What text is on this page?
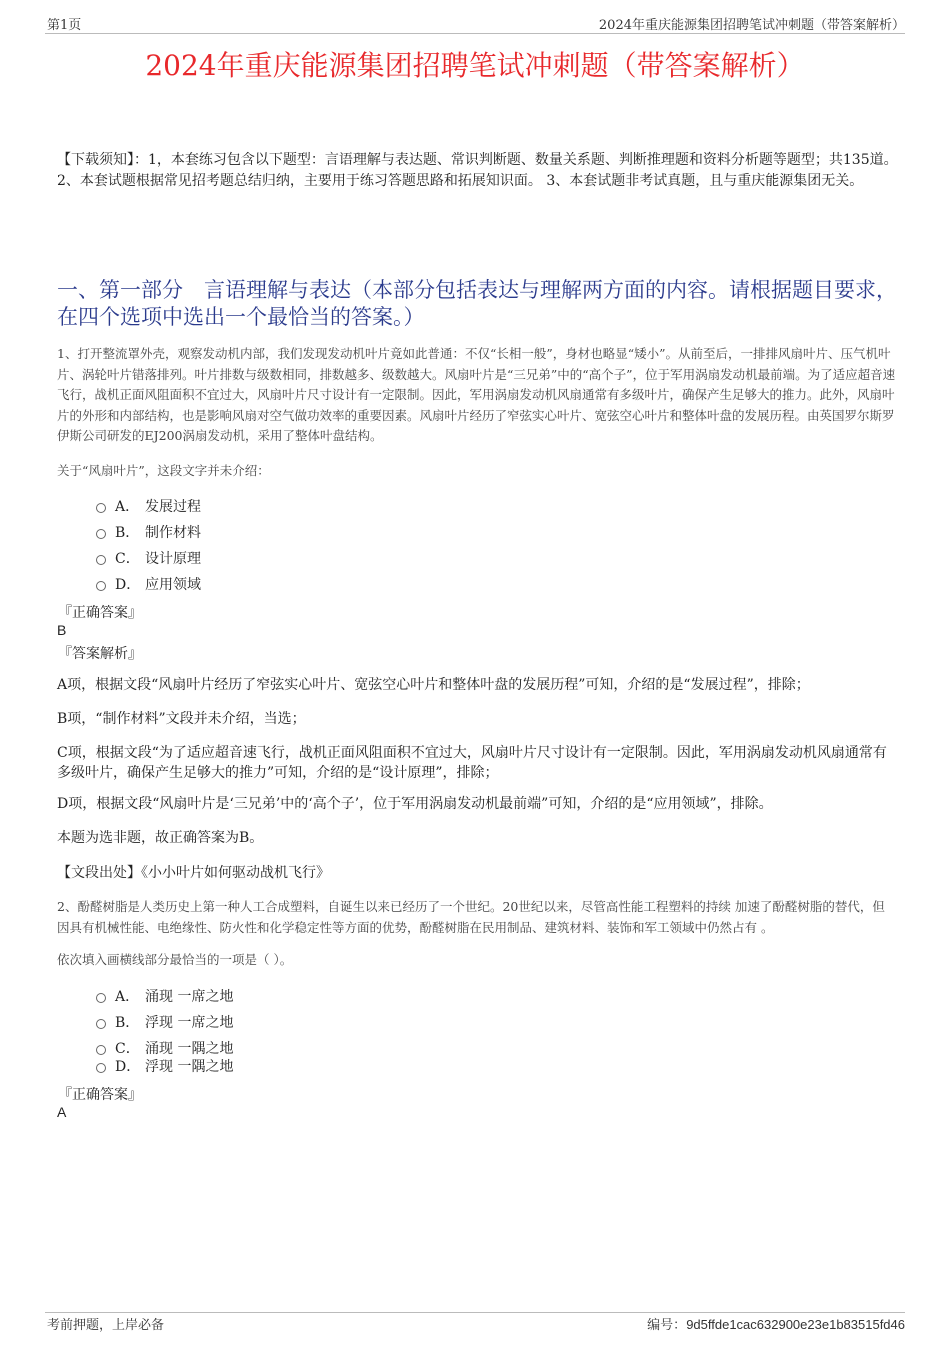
第1页	2024年重庆能源集团招聘笔试冲刺题（带答案解析）
2024年重庆能源集团招聘笔试冲刺题（带答案解析）
【下载须知】：1，本套练习包含以下题型：言语理解与表达题、常识判断题、数量关系题、判断推理题和资料分析题等题型；共135道。 2、本套试题根据常见招考题总结归纳，主要用于练习答题思路和拓展知识面。 3、本套试题非考试真题，且与重庆能源集团无关。
一、第一部分　言语理解与表达（本部分包括表达与理解两方面的内容。请根据题目要求，在四个选项中选出一个最恰当的答案。）
1、打开整流罩外壳，观察发动机内部，我们发现发动机叶片竟如此普通：不仅“长相一般”，身材也略显“矮小”。从前至后，一排排风扇叶片、压气机叶片、涡轮叶片错落排列。叶片排数与级数相同，排数越多、级数越大。风扇叶片是“三兄弟”中的“高个子”，位于军用涡扇发动机最前端。为了适应超音速飞行，战机正面风阻面积不宜过大，风扇叶片尺寸设计有一定限制。因此，军用涡扇发动机风扇通常有多级叶片，确保产生足够大的推力。此外，风扇叶片的外形和内部结构，也是影响风扇对空气做功效率的重要因素。风扇叶片经历了窄弦实心叶片、宽弦空心叶片和整体叶盘的发展历程。由英国罗尔斯罗伊斯公司研发的EJ200涡扇发动机，采用了整体叶盘结构。
关于“风扇叶片”，这段文字并未介绍：
A． 发展过程
B． 制作材料
C． 设计原理
D． 应用领域
『正确答案』
B
『答案解析』
A项，根据文段“风扇叶片经历了窄弦实心叶片、宽弦空心叶片和整体叶盘的发展历程”可知，介绍的是“发展过程”，排除；
B项，“制作材料”文段并未介绍，当选；
C项，根据文段“为了适应超音速飞行，战机正面风阻面积不宜过大，风扇叶片尺寸设计有一定限制。因此，军用涡扇发动机风扇通常有多级叶片，确保产生足够大的推力”可知，介绍的是“设计原理”，排除；
D项，根据文段“风扇叶片是‘三兄弟’中的‘高个子’，位于军用涡扇发动机最前端”可知，介绍的是“应用领域”，排除。
本题为选非题，故正确答案为B。
【文段出处】《小小叶片如何驱动战机飞行》
2、酚醛树脂是人类历史上第一种人工合成塑料，自诞生以来已经历了一个世纪。20世纪以来，尽管高性能工程塑料的持续 加速了酚醛树脂的替代，但因具有机械性能、电绝缘性、防火性和化学稳定性等方面的优势，酚醛树脂在民用制品、建筑材料、装饰和军工领域中仍然占有 。
依次填入画横线部分最恰当的一项是（ ）。
A． 涌现 一席之地
B． 浮现 一席之地
C． 涌现 一隅之地
D． 浮现 一隅之地
『正确答案』
A
考前押题，上岸必备	编号：9d5ffde1cac632900e23e1b83515fd46
